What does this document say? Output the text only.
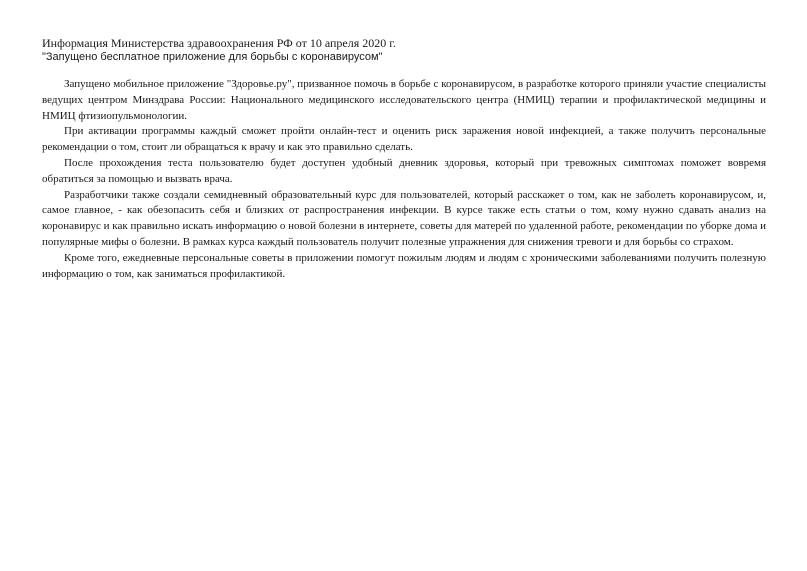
Информация Министерства здравоохранения РФ от 10 апреля 2020 г.

"Запущено бесплатное приложение для борьбы с коронавирусом"

Запущено мобильное приложение "Здоровье.ру", призванное помочь в борьбе с коронавирусом, в разработке которого приняли участие специалисты ведущих центром Минздрава России: Национального медицинского исследовательского центра (НМИЦ) терапии и профилактической медицины и НМИЦ фтизиопульмонологии.

При активации программы каждый сможет пройти онлайн-тест и оценить риск заражения новой инфекцией, а также получить персональные рекомендации о том, стоит ли обращаться к врачу и как это правильно сделать.

После прохождения теста пользователю будет доступен удобный дневник здоровья, который при тревожных симптомах поможет вовремя обратиться за помощью и вызвать врача.

Разработчики также создали семидневный образовательный курс для пользователей, который расскажет о том, как не заболеть коронавирусом, и, самое главное, - как обезопасить себя и близких от распространения инфекции. В курсе также есть статьи о том, кому нужно сдавать анализ на коронавирус и как правильно искать информацию о новой болезни в интернете, советы для матерей по удаленной работе, рекомендации по уборке дома и популярные мифы о болезни. В рамках курса каждый пользователь получит полезные упражнения для снижения тревоги и для борьбы со страхом.

Кроме того, ежедневные персональные советы в приложении помогут пожилым людям и людям с хроническими заболеваниями получить полезную информацию о том, как заниматься профилактикой.
